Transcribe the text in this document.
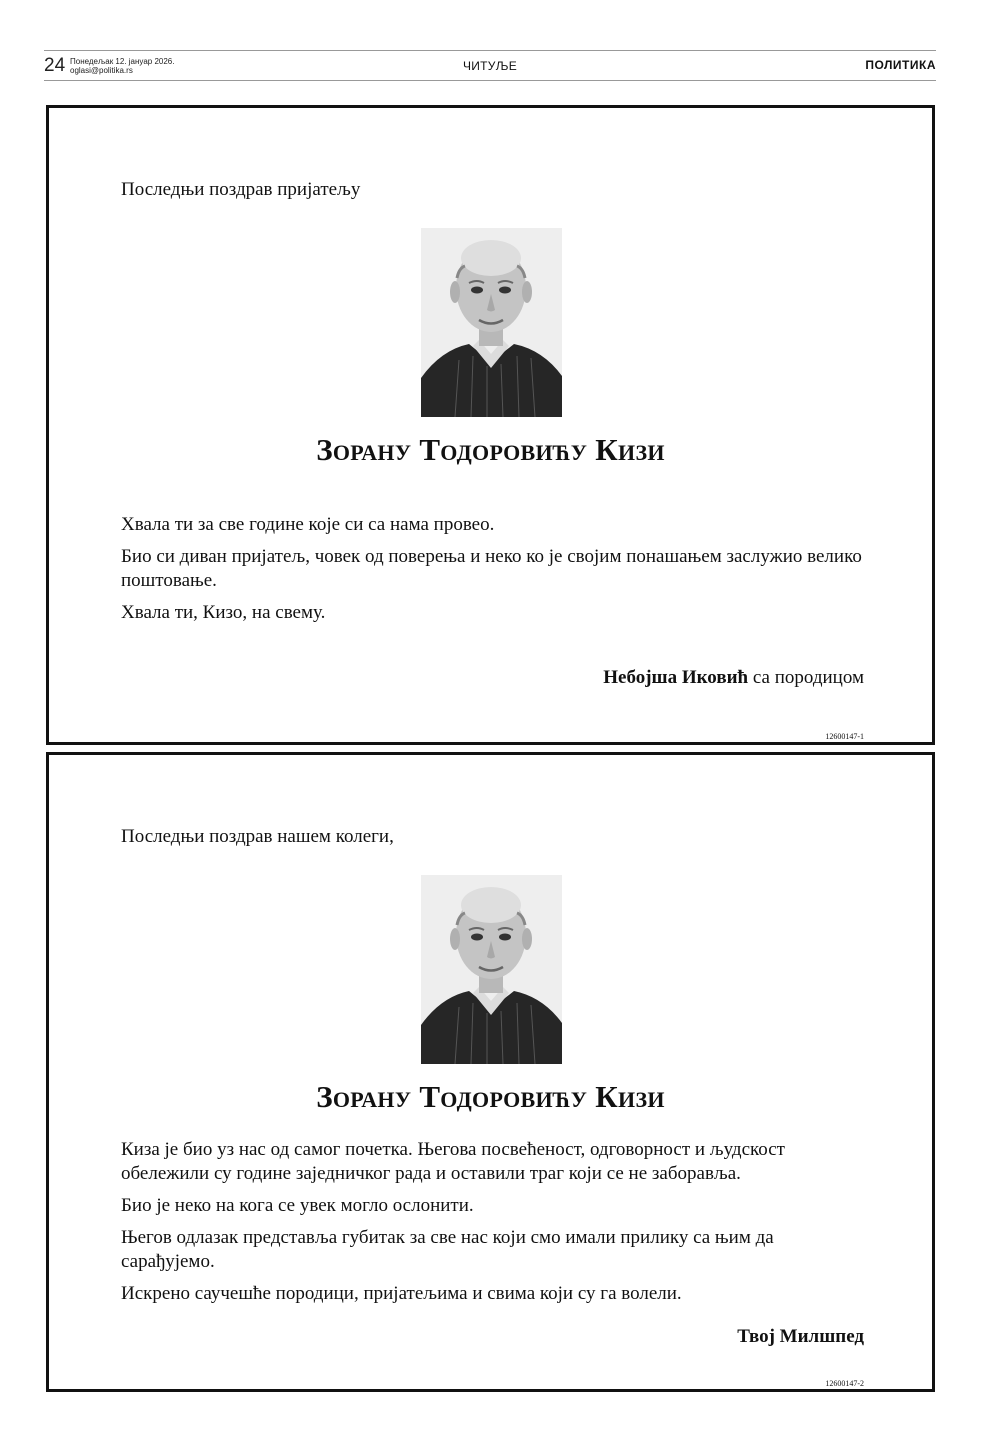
24 Понедељак 12. јануар 2026.
oglasi@politika.rs	ЧИТУЉЕ	ПОЛИТИКА
Последњи поздрав пријатељу
Зорану Тодоровићу Кизи

Хвала ти за све године које си са нама провео.

Био си диван пријатељ, човек од поверења и неко ко је својим понашањем заслужио велико поштовање.

Хвала ти, Кизо, на свему.

Небојша Иковић са породицом
12600147-1
Последњи поздрав нашем колеги,
Зорану Тодоровићу Кизи

Киза је био уз нас од самог почетка. Његова посвећеност, одговорност и људскост обележили су године заједничког рада и оставили траг који се не заборавља.

Био је неко на кога се увек могло ослонити.

Његов одлазак представља губитак за све нас који смо имали прилику са њим да сарађујемо.

Искрено саучешће породици, пријатељима и свима који су га волели.

Твој Милшпед
12600147-2
